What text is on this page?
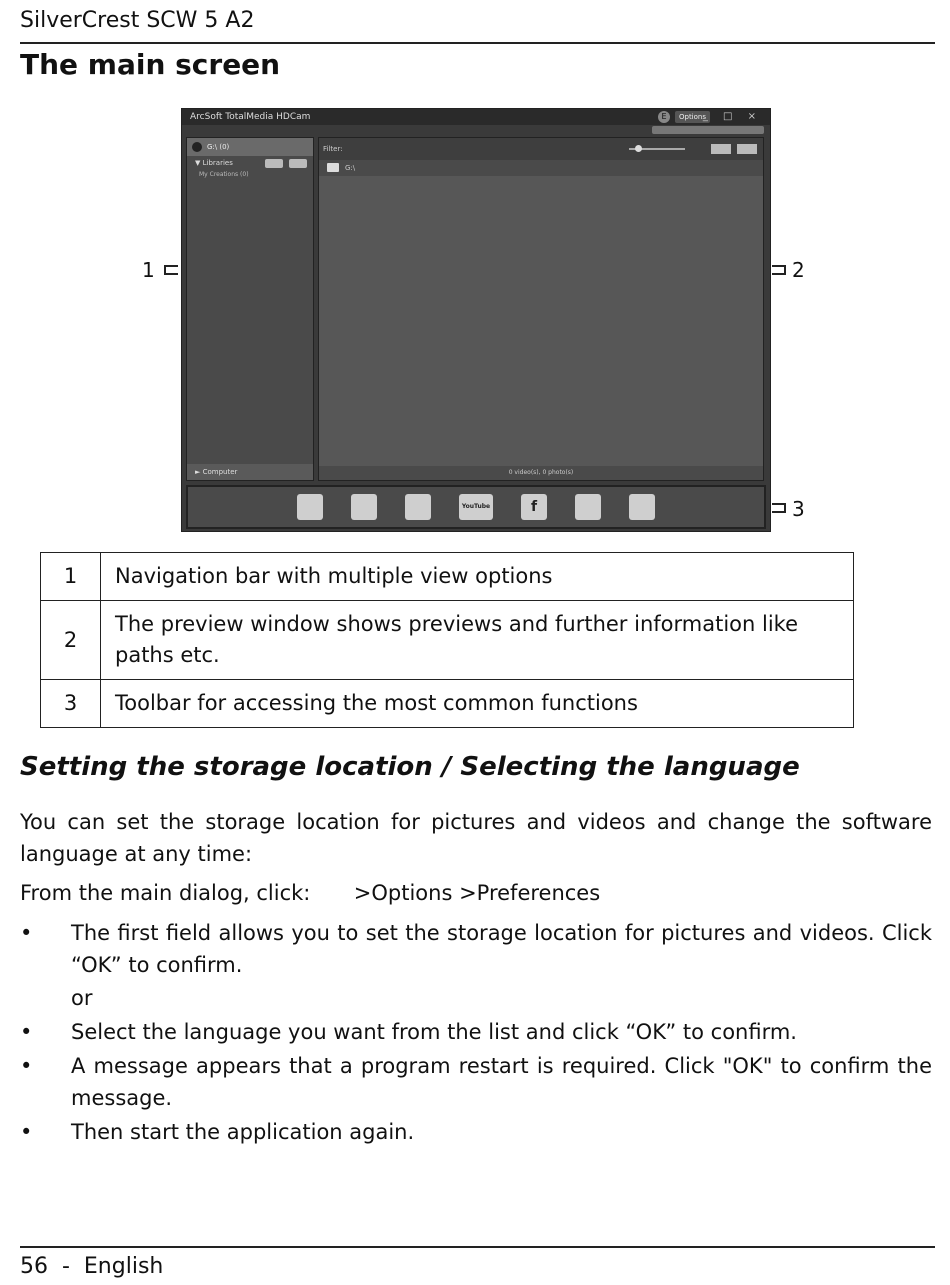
SilverCrest SCW 5 A2
The main screen
ArcSoft TotalMedia HDCam	E	Options
_ □ ×
G:\ (0)
▼ Libraries
My Creations (0)
► Computer
Filter:
G:\
0 video(s), 0 photo(s)
YouTube	f
1	2
3
1	Navigation bar with multiple view options
2	The preview window shows previews and further information like paths etc.
3	Toolbar for accessing the most common functions
Setting the storage location / Selecting the language
You can set the storage location for pictures and videos and change the software language at any time:
From the main dialog, click: >Options >Preferences
• The first field allows you to set the storage location for pictures and videos. Click “OK” to confirm.
or
• Select the language you want from the list and click “OK” to confirm.
• A message appears that a program restart is required. Click "OK" to confirm the message.
• Then start the application again.
56  -  English
